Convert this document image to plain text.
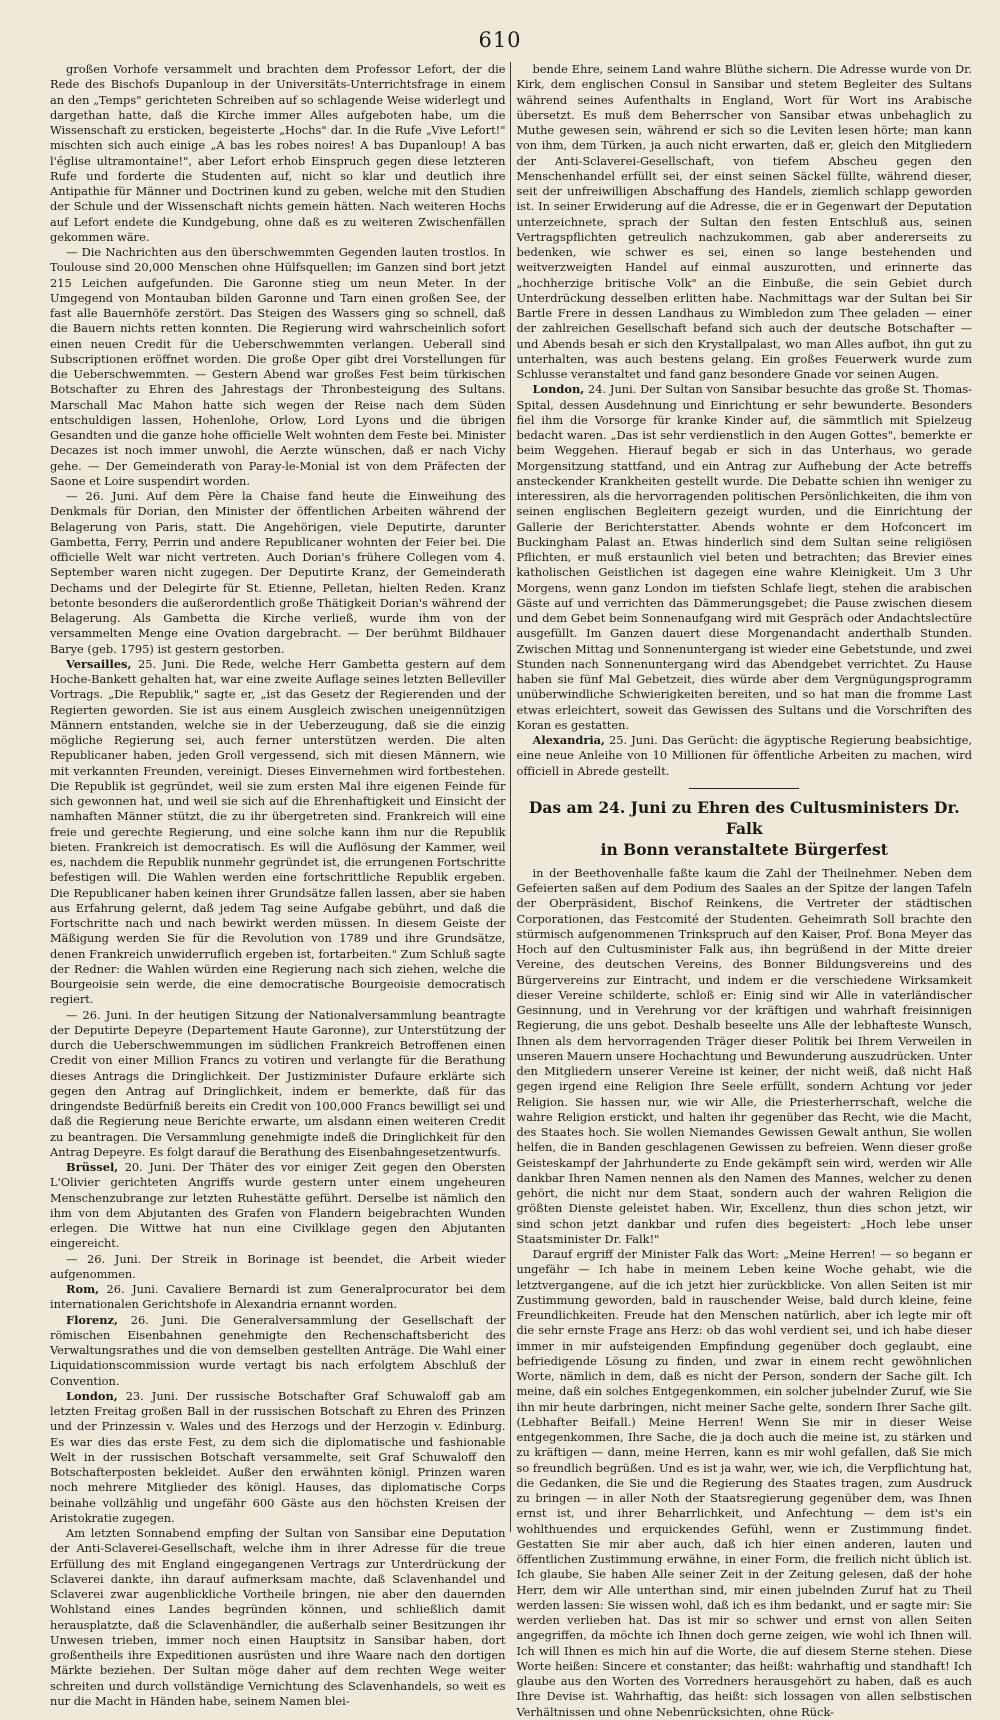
610

großen Vorhofe versammelt und brachten dem Professor Lefort, der die Rede des Bischofs Dupanloup in der Universitäts-Unterrichtsfrage in einem an den „Temps" gerichteten Schreiben auf so schlagende Weise widerlegt und dargethan hatte, daß die Kirche immer Alles aufgeboten habe, um die Wissenschaft zu ersticken, begeisterte „Hochs" dar. In die Rufe „Vive Lefort!" mischten sich auch einige „A bas les robes noires! A bas Dupanloup! A bas l'église ultramontaine!", aber Lefort erhob Einspruch gegen diese letzteren Rufe und forderte die Studenten auf, nicht so klar und deutlich ihre Antipathie für Männer und Doctrinen kund zu geben, welche mit den Studien der Schule und der Wissenschaft nichts gemein hätten. Nach weiteren Hochs auf Lefort endete die Kundgebung, ohne daß es zu weiteren Zwischenfällen gekommen wäre.

— Die Nachrichten aus den überschwemmten Gegenden lauten trostlos. In Toulouse sind 20,000 Menschen ohne Hülfsquellen; im Ganzen sind bort jetzt 215 Leichen aufgefunden. Die Garonne stieg um neun Meter. In der Umgegend von Montauban bilden Garonne und Tarn einen großen See, der fast alle Bauernhöfe zerstört. Das Steigen des Wassers ging so schnell, daß die Bauern nichts retten konnten. Die Regierung wird wahrscheinlich sofort einen neuen Credit für die Ueberschwemmten verlangen. Ueberall sind Subscriptionen eröffnet worden. Die große Oper gibt drei Vorstellungen für die Ueberschwemmten. — Gestern Abend war großes Fest beim türkischen Botschafter zu Ehren des Jahrestags der Thronbesteigung des Sultans. Marschall Mac Mahon hatte sich wegen der Reise nach dem Süden entschuldigen lassen, Hohenlohe, Orlow, Lord Lyons und die übrigen Gesandten und die ganze hohe officielle Welt wohnten dem Feste bei. Minister Decazes ist noch immer unwohl, die Aerzte wünschen, daß er nach Vichy gehe. — Der Gemeinderath von Paray-le-Monial ist von dem Präfecten der Saone et Loire suspendirt worden.

— 26. Juni. Auf dem Père la Chaise fand heute die Einweihung des Denkmals für Dorian, den Minister der öffentlichen Arbeiten während der Belagerung von Paris, statt. Die Angehörigen, viele Deputirte, darunter Gambetta, Ferry, Perrin und andere Republicaner wohnten der Feier bei. Die officielle Welt war nicht vertreten. Auch Dorian's frühere Collegen vom 4. September waren nicht zugegen. Der Deputirte Kranz, der Gemeinderath Dechams und der Delegirte für St. Etienne, Pelletan, hielten Reden. Kranz betonte besonders die außerordentlich große Thätigkeit Dorian's während der Belagerung. Als Gambetta die Kirche verließ, wurde ihm von der versammelten Menge eine Ovation dargebracht. — Der berühmt Bildhauer Barye (geb. 1795) ist gestern gestorben.

Versailles, 25. Juni. Die Rede, welche Herr Gambetta gestern auf dem Hoche-Bankett gehalten hat, war eine zweite Auflage seines letzten Belleviller Vortrags. „Die Republik," sagte er, „ist das Gesetz der Regierenden und der Regierten geworden. Sie ist aus einem Ausgleich zwischen uneigennützigen Männern entstanden, welche sie in der Ueberzeugung, daß sie die einzig mögliche Regierung sei, auch ferner unterstützen werden. Die alten Republicaner haben, jeden Groll vergessend, sich mit diesen Männern, wie mit verkannten Freunden, vereinigt. Dieses Einvernehmen wird fortbestehen. Die Republik ist gegründet, weil sie zum ersten Mal ihre eigenen Feinde für sich gewonnen hat, und weil sie sich auf die Ehrenhaftigkeit und Einsicht der namhaften Männer stützt, die zu ihr übergetreten sind. Frankreich will eine freie und gerechte Regierung, und eine solche kann ihm nur die Republik bieten. Frankreich ist democratisch. Es will die Auflösung der Kammer, weil es, nachdem die Republik nunmehr gegründet ist, die errungenen Fortschritte befestigen will. Die Wahlen werden eine fortschrittliche Republik ergeben. Die Republicaner haben keinen ihrer Grundsätze fallen lassen, aber sie haben aus Erfahrung gelernt, daß jedem Tag seine Aufgabe gebührt, und daß die Fortschritte nach und nach bewirkt werden müssen. In diesem Geiste der Mäßigung werden Sie für die Revolution von 1789 und ihre Grundsätze, denen Frankreich unwiderruflich ergeben ist, fortarbeiten." Zum Schluß sagte der Redner: die Wahlen würden eine Regierung nach sich ziehen, welche die Bourgeoisie sein werde, die eine democratische Bourgeoisie democratisch regiert.

— 26. Juni. In der heutigen Sitzung der Nationalversammlung beantragte der Deputirte Depeyre (Departement Haute Garonne), zur Unterstützung der durch die Ueberschwemmungen im südlichen Frankreich Betroffenen einen Credit von einer Million Francs zu votiren und verlangte für die Berathung dieses Antrags die Dringlichkeit. Der Justizminister Dufaure erklärte sich gegen den Antrag auf Dringlichkeit, indem er bemerkte, daß für das dringendste Bedürfniß bereits ein Credit von 100,000 Francs bewilligt sei und daß die Regierung neue Berichte erwarte, um alsdann einen weiteren Credit zu beantragen. Die Versammlung genehmigte indeß die Dringlichkeit für den Antrag Depeyre. Es folgt darauf die Berathung des Eisenbahngesetzentwurfs.

Brüssel, 20. Juni. Der Thäter des vor einiger Zeit gegen den Obersten L'Olivier gerichteten Angriffs wurde gestern unter einem ungeheuren Menschenzubrange zur letzten Ruhestätte geführt. Derselbe ist nämlich den ihm von dem Abjutanten des Grafen von Flandern beigebrachten Wunden erlegen. Die Wittwe hat nun eine Civilklage gegen den Abjutanten eingereicht.

— 26. Juni. Der Streik in Borinage ist beendet, die Arbeit wieder aufgenommen.

Rom, 26. Juni. Cavaliere Bernardi ist zum Generalprocurator bei dem internationalen Gerichtshofe in Alexandria ernannt worden.

Florenz, 26. Juni. Die Generalversammlung der Gesellschaft der römischen Eisenbahnen genehmigte den Rechenschaftsbericht des Verwaltungsrathes und die von demselben gestellten Anträge. Die Wahl einer Liquidationscommission wurde vertagt bis nach erfolgtem Abschluß der Convention.

London, 23. Juni. Der russische Botschafter Graf Schuwaloff gab am letzten Freitag großen Ball in der russischen Botschaft zu Ehren des Prinzen und der Prinzessin v. Wales und des Herzogs und der Herzogin v. Edinburg. Es war dies das erste Fest, zu dem sich die diplomatische und fashionable Welt in der russischen Botschaft versammelte, seit Graf Schuwaloff den Botschafterposten bekleidet. Außer den erwähnten königl. Prinzen waren noch mehrere Mitglieder des königl. Hauses, das diplomatische Corps beinahe vollzählig und ungefähr 600 Gäste aus den höchsten Kreisen der Aristokratie zugegen.

Am letzten Sonnabend empfing der Sultan von Sansibar eine Deputation der Anti-Sclaverei-Gesellschaft, welche ihm in ihrer Adresse für die treue Erfüllung des mit England eingegangenen Vertrags zur Unterdrückung der Sclaverei dankte, ihn darauf aufmerksam machte, daß Sclavenhandel und Sclaverei zwar augenblickliche Vortheile bringen, nie aber den dauernden Wohlstand eines Landes begründen können, und schließlich damit herausplatzte, daß die Sclavenhändler, die außerhalb seiner Besitzungen ihr Unwesen trieben, immer noch einen Hauptsitz in Sansibar haben, dort großentheils ihre Expeditionen ausrüsten und ihre Waare nach den dortigen Märkte beziehen. Der Sultan möge daher auf dem rechten Wege weiter schreiten und durch vollständige Vernichtung des Sclavenhandels, so weit es nur die Macht in Händen habe, seinem Namen blei-

bende Ehre, seinem Land wahre Blüthe sichern. Die Adresse wurde von Dr. Kirk, dem englischen Consul in Sansibar und stetem Begleiter des Sultans während seines Aufenthalts in England, Wort für Wort ins Arabische übersetzt. Es muß dem Beherrscher von Sansibar etwas unbehaglich zu Muthe gewesen sein, während er sich so die Leviten lesen hörte; man kann von ihm, dem Türken, ja auch nicht erwarten, daß er, gleich den Mitgliedern der Anti-Sclaverei-Gesellschaft, von tiefem Abscheu gegen den Menschenhandel erfüllt sei, der einst seinen Säckel füllte, während dieser, seit der unfreiwilligen Abschaffung des Handels, ziemlich schlapp geworden ist. In seiner Erwiderung auf die Adresse, die er in Gegenwart der Deputation unterzeichnete, sprach der Sultan den festen Entschluß aus, seinen Vertragspflichten getreulich nachzukommen, gab aber andererseits zu bedenken, wie schwer es sei, einen so lange bestehenden und weitverzweigten Handel auf einmal auszurotten, und erinnerte das „hochherzige britische Volk" an die Einbuße, die sein Gebiet durch Unterdrückung desselben erlitten habe. Nachmittags war der Sultan bei Sir Bartle Frere in dessen Landhaus zu Wimbledon zum Thee geladen — einer der zahlreichen Gesellschaft befand sich auch der deutsche Botschafter — und Abends besah er sich den Krystallpalast, wo man Alles aufbot, ihn gut zu unterhalten, was auch bestens gelang. Ein großes Feuerwerk wurde zum Schlusse veranstaltet und fand ganz besondere Gnade vor seinen Augen.

London, 24. Juni. Der Sultan von Sansibar besuchte das große St. Thomas-Spital, dessen Ausdehnung und Einrichtung er sehr bewunderte. Besonders fiel ihm die Vorsorge für kranke Kinder auf, die sämmtlich mit Spielzeug bedacht waren. „Das ist sehr verdienstlich in den Augen Gottes", bemerkte er beim Weggehen. Hierauf begab er sich in das Unterhaus, wo gerade Morgensitzung stattfand, und ein Antrag zur Aufhebung der Acte betreffs ansteckender Krankheiten gestellt wurde. Die Debatte schien ihn weniger zu interessiren, als die hervorragenden politischen Persönlichkeiten, die ihm von seinen englischen Begleitern gezeigt wurden, und die Einrichtung der Gallerie der Berichterstatter. Abends wohnte er dem Hofconcert im Buckingham Palast an. Etwas hinderlich sind dem Sultan seine religiösen Pflichten, er muß erstaunlich viel beten und betrachten; das Brevier eines katholischen Geistlichen ist dagegen eine wahre Kleinigkeit. Um 3 Uhr Morgens, wenn ganz London im tiefsten Schlafe liegt, stehen die arabischen Gäste auf und verrichten das Dämmerungsgebet; die Pause zwischen diesem und dem Gebet beim Sonnenaufgang wird mit Gespräch oder Andachtslectüre ausgefüllt. Im Ganzen dauert diese Morgenandacht anderthalb Stunden. Zwischen Mittag und Sonnenuntergang ist wieder eine Gebetstunde, und zwei Stunden nach Sonnenuntergang wird das Abendgebet verrichtet. Zu Hause haben sie fünf Mal Gebetzeit, dies würde aber dem Vergnügungsprogramm unüberwindliche Schwierigkeiten bereiten, und so hat man die fromme Last etwas erleichtert, soweit das Gewissen des Sultans und die Vorschriften des Koran es gestatten.

Alexandria, 25. Juni. Das Gerücht: die ägyptische Regierung beabsichtige, eine neue Anleihe von 10 Millionen für öffentliche Arbeiten zu machen, wird officiell in Abrede gestellt.

Das am 24. Juni zu Ehren des Cultusministers Dr. Falk
in Bonn veranstaltete Bürgerfest

in der Beethovenhalle faßte kaum die Zahl der Theilnehmer. Neben dem Gefeierten saßen auf dem Podium des Saales an der Spitze der langen Tafeln der Oberpräsident, Bischof Reinkens, die Vertreter der städtischen Corporationen, das Festcomité der Studenten. Geheimrath Soll brachte den stürmisch aufgenommenen Trinkspruch auf den Kaiser, Prof. Bona Meyer das Hoch auf den Cultusminister Falk aus, ihn begrüßend in der Mitte dreier Vereine, des deutschen Vereins, des Bonner Bildungsvereins und des Bürgervereins zur Eintracht, und indem er die verschiedene Wirksamkeit dieser Vereine schilderte, schloß er: Einig sind wir Alle in vaterländischer Gesinnung, und in Verehrung vor der kräftigen und wahrhaft freisinnigen Regierung, die uns gebot. Deshalb beseelte uns Alle der lebhafteste Wunsch, Ihnen als dem hervorragenden Träger dieser Politik bei Ihrem Verweilen in unseren Mauern unsere Hochachtung und Bewunderung auszudrücken. Unter den Mitgliedern unserer Vereine ist keiner, der nicht weiß, daß nicht Haß gegen irgend eine Religion Ihre Seele erfüllt, sondern Achtung vor jeder Religion. Sie hassen nur, wie wir Alle, die Priesterherrschaft, welche die wahre Religion erstickt, und halten ihr gegenüber das Recht, wie die Macht, des Staates hoch. Sie wollen Niemandes Gewissen Gewalt anthun, Sie wollen helfen, die in Banden geschlagenen Gewissen zu befreien. Wenn dieser große Geisteskampf der Jahrhunderte zu Ende gekämpft sein wird, werden wir Alle dankbar Ihren Namen nennen als den Namen des Mannes, welcher zu denen gehört, die nicht nur dem Staat, sondern auch der wahren Religion die größten Dienste geleistet haben. Wir, Excellenz, thun dies schon jetzt, wir sind schon jetzt dankbar und rufen dies begeistert: „Hoch lebe unser Staatsminister Dr. Falk!"

Darauf ergriff der Minister Falk das Wort: „Meine Herren! — so begann er ungefähr — Ich habe in meinem Leben keine Woche gehabt, wie die letztvergangene, auf die ich jetzt hier zurückblicke. Von allen Seiten ist mir Zustimmung geworden, bald in rauschender Weise, bald durch kleine, feine Freundlichkeiten. Freude hat den Menschen natürlich, aber ich legte mir oft die sehr ernste Frage ans Herz: ob das wohl verdient sei, und ich habe dieser immer in mir aufsteigenden Empfindung gegenüber doch geglaubt, eine befriedigende Lösung zu finden, und zwar in einem recht gewöhnlichen Worte, nämlich in dem, daß es nicht der Person, sondern der Sache gilt. Ich meine, daß ein solches Entgegenkommen, ein solcher jubelnder Zuruf, wie Sie ihn mir heute darbringen, nicht meiner Sache gelte, sondern Ihrer Sache gilt. (Lebhafter Beifall.) Meine Herren! Wenn Sie mir in dieser Weise entgegenkommen, Ihre Sache, die ja doch auch die meine ist, zu stärken und zu kräftigen — dann, meine Herren, kann es mir wohl gefallen, daß Sie mich so freundlich begrüßen. Und es ist ja wahr, wer, wie ich, die Verpflichtung hat, die Gedanken, die Sie und die Regierung des Staates tragen, zum Ausdruck zu bringen — in aller Noth der Staatsregierung gegenüber dem, was Ihnen ernst ist, und ihrer Beharrlichkeit, und Anfechtung — dem ist's ein wohlthuendes und erquickendes Gefühl, wenn er Zustimmung findet. Gestatten Sie mir aber auch, daß ich hier einen anderen, lauten und öffentlichen Zustimmung erwähne, in einer Form, die freilich nicht üblich ist. Ich glaube, Sie haben Alle seiner Zeit in der Zeitung gelesen, daß der hohe Herr, dem wir Alle unterthan sind, mir einen jubelnden Zuruf hat zu Theil werden lassen: Sie wissen wohl, daß ich es ihm bedankt, und er sagte mir: Sie werden verlieben hat. Das ist mir so schwer und ernst von allen Seiten angegriffen, da möchte ich Ihnen doch gerne zeigen, wie wohl ich Ihnen will. Ich will Ihnen es mich hin auf die Worte, die auf diesem Sterne stehen. Diese Worte heißen: Sincere et constanter; das heißt: wahrhaftig und standhaft! Ich glaube aus den Worten des Vorredners herausgehört zu haben, daß es auch Ihre Devise ist. Wahrhaftig, das heißt: sich lossagen von allen selbstischen Verhältnissen und ohne Nebenrücksichten, ohne Rück-
